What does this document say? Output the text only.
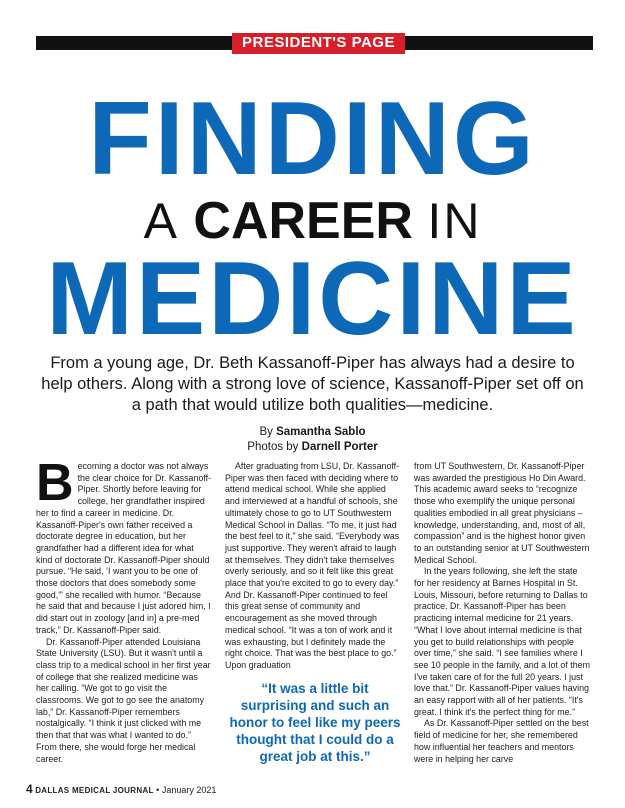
PRESIDENT'S PAGE
FINDING
A CAREER IN
MEDICINE
From a young age, Dr. Beth Kassanoff-Piper has always had a desire to help others. Along with a strong love of science, Kassanoff-Piper set off on a path that would utilize both qualities—medicine.
By Samantha Sablo
Photos by Darnell Porter

Becoming a doctor was not always the clear choice for Dr. Kassanoff-Piper. Shortly before leaving for college, her grandfather inspired her to find a career in medicine. Dr. Kassanoff-Piper's own father received a doctorate degree in education, but her grandfather had a different idea for what kind of doctorate Dr. Kassanoff-Piper should pursue. “He said, ‘I want you to be one of those doctors that does somebody some good,'” she recalled with humor. “Because he said that and because I just adored him, I did start out in zoology [and in] a pre-med track,” Dr. Kassanoff-Piper said.

Dr. Kassanoff-Piper attended Louisiana State University (LSU). But it wasn't until a class trip to a medical school in her first year of college that she realized medicine was her calling. “We got to go visit the classrooms. We got to go see the anatomy lab,” Dr. Kassanoff-Piper remembers nostalgically. “I think it just clicked with me then that that was what I wanted to do.” From there, she would forge her medical career.

After graduating from LSU, Dr. Kassanoff-Piper was then faced with deciding where to attend medical school. While she applied and interviewed at a handful of schools, she ultimately chose to go to UT Southwestern Medical School in Dallas. “To me, it just had the best feel to it,” she said. “Everybody was just supportive. They weren't afraid to laugh at themselves. They didn't take themselves overly seriously, and so it felt like this great place that you're excited to go to every day.” And Dr. Kassanoff-Piper continued to feel this great sense of community and encouragement as she moved through medical school. “It was a ton of work and it was exhausting, but I definitely made the right choice. That was the best place to go.” Upon graduation

“It was a little bit surprising and such an honor to feel like my peers thought that I could do a great job at this.”

from UT Southwestern, Dr. Kassanoff-Piper was awarded the prestigious Ho Din Award. This academic award seeks to “recognize those who exemplify the unique personal qualities embodied in all great physicians – knowledge, understanding, and, most of all, compassion” and is the highest honor given to an outstanding senior at UT Southwestern Medical School.

In the years following, she left the state for her residency at Barnes Hospital in St. Louis, Missouri, before returning to Dallas to practice. Dr. Kassanoff-Piper has been practicing internal medicine for 21 years. “What I love about internal medicine is that you get to build relationships with people over time,” she said. “I see families where I see 10 people in the family, and a lot of them I've taken care of for the full 20 years. I just love that.” Dr. Kassanoff-Piper values having an easy rapport with all of her patients. “It's great. I think it's the perfect thing for me.”

As Dr. Kassanoff-Piper settled on the best field of medicine for her, she remembered how influential her teachers and mentors were in helping her carve

4 DALLAS MEDICAL JOURNAL • January 2021
